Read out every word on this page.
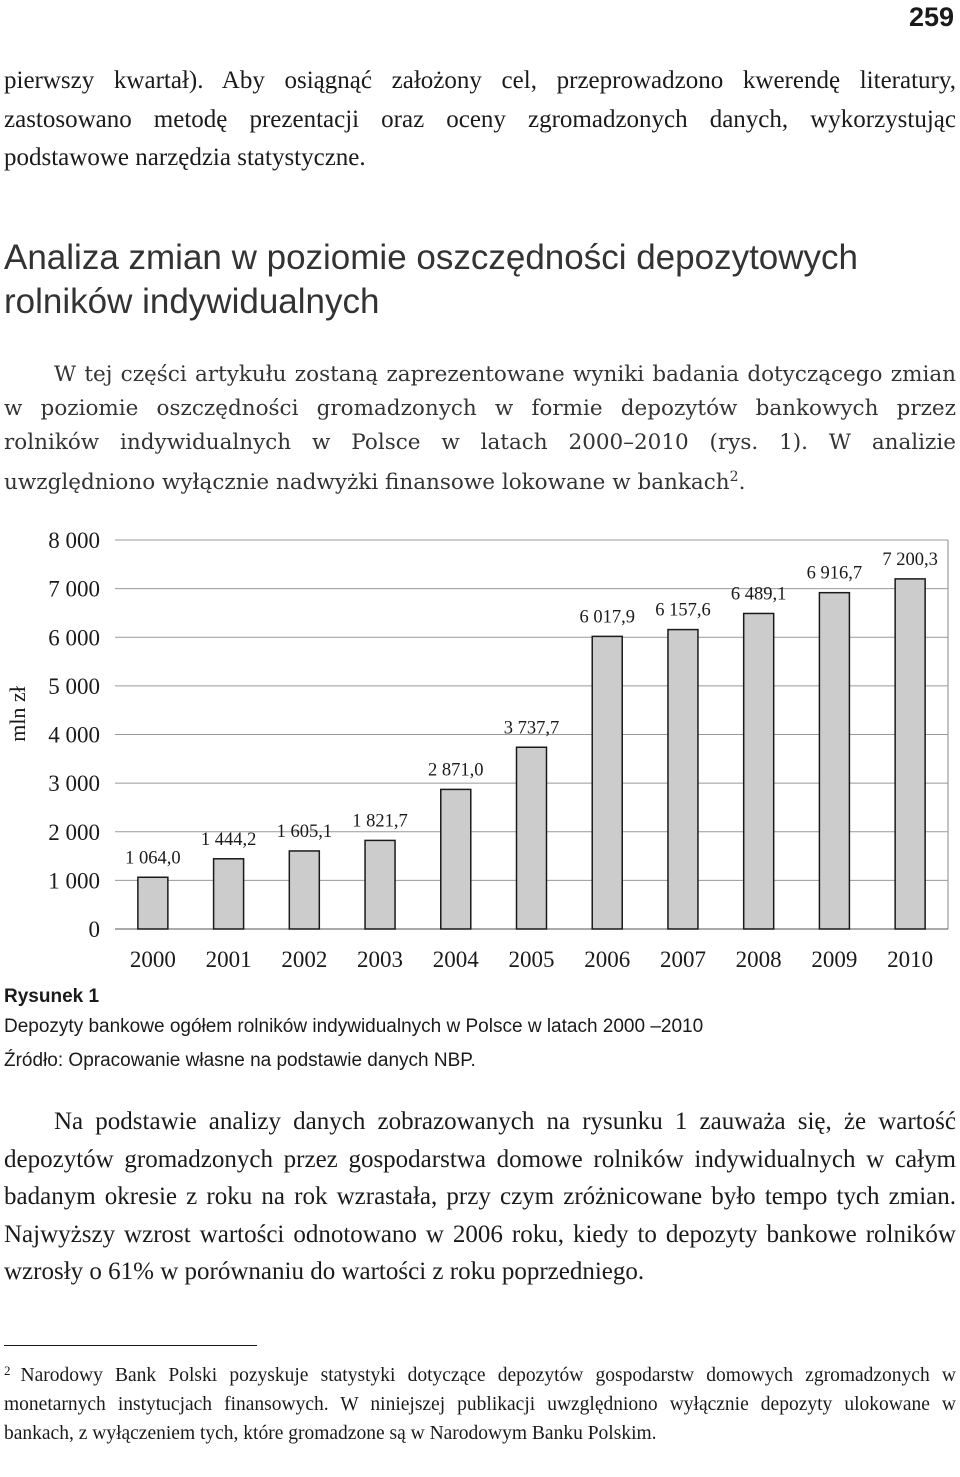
259

pierwszy kwartał). Aby osiągnąć założony cel, przeprowadzono kwerendę literatury, zastosowano metodę prezentacji oraz oceny zgromadzonych danych, wykorzystując podstawowe narzędzia statystyczne.

Analiza zmian w poziomie oszczędności depozytowych rolników indywidualnych

W tej części artykułu zostaną zaprezentowane wyniki badania dotyczącego zmian w poziomie oszczędności gromadzonych w formie depozytów bankowych przez rolników indywidualnych w Polsce w latach 2000–2010 (rys. 1). W analizie uwzględniono wyłącznie nadwyżki finansowe lokowane w bankach$^2$.

0
1 000
2 000
3 000
4 000
5 000
6 000
7 000
8 000
2000 2001 2002 2003 2004 2005 2006 2007 2008 2009 2010
1 064,0
1 444,2 1 605,1
1 821,7
2 871,0
3 737,7
6 017,9 6 157,6
6 489,1
6 916,7
7 200,3
mln zł

Rysunek 1

Depozyty bankowe ogółem rolników indywidualnych w Polsce w latach 2000 ‒2010

Źródło: Opracowanie własne na podstawie danych NBP.

Na podstawie analizy danych zobrazowanych na rysunku 1 zauważa się, że wartość depozytów gromadzonych przez gospodarstwa domowe rolników indywidualnych w całym badanym okresie z roku na rok wzrastała, przy czym zróżnicowane było tempo tych zmian. Najwyższy wzrost wartości odnotowano w 2006 roku, kiedy to depozyty bankowe rolników wzrosły o 61% w porównaniu do wartości z roku poprzedniego.

$^2$ Narodowy Bank Polski pozyskuje statystyki dotyczące depozytów gospodarstw domowych zgromadzonych w monetarnych instytucjach finansowych. W niniejszej publikacji uwzględniono wyłącznie depozyty ulokowane w bankach, z wyłączeniem tych, które gromadzone są w Narodowym Banku Polskim.
